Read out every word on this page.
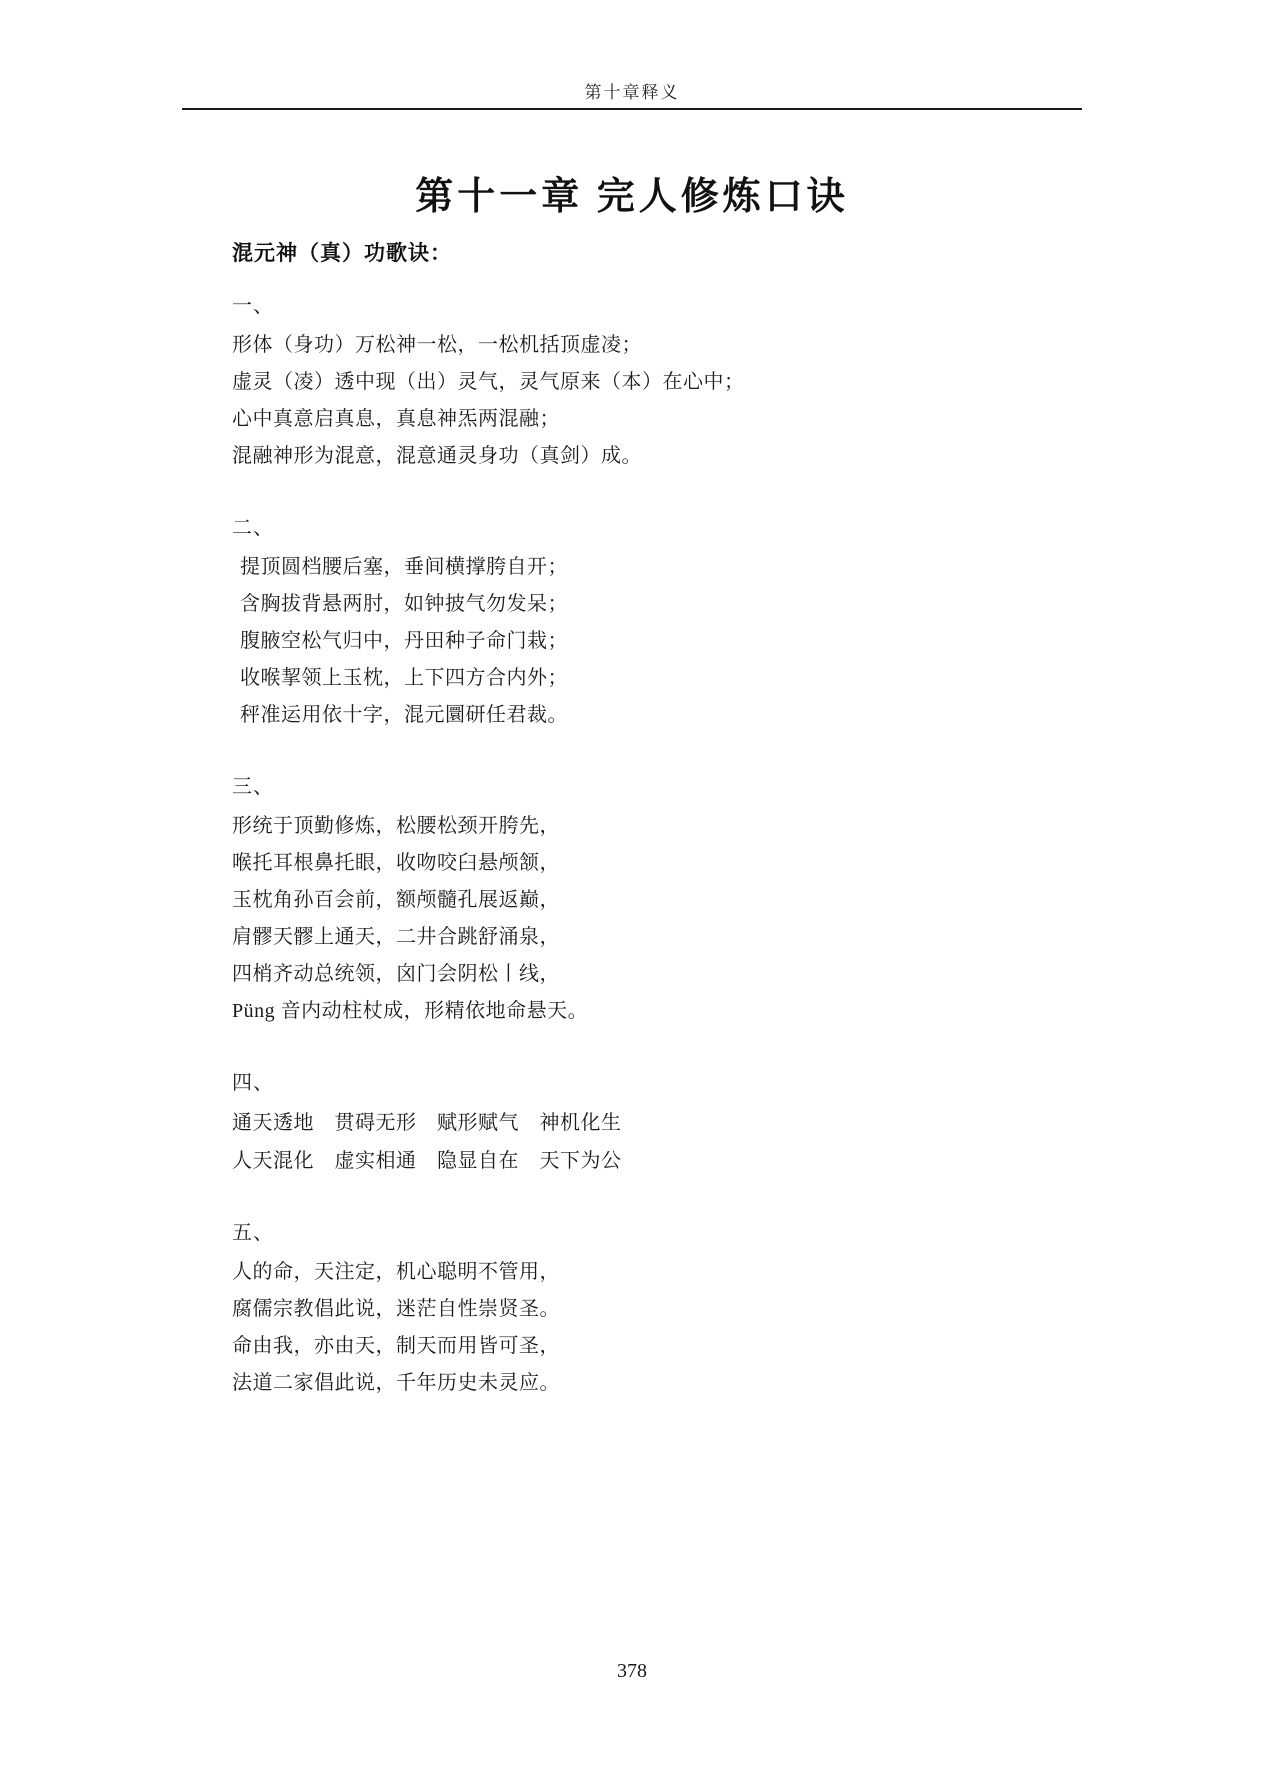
第十章释义
第十一章 完人修炼口诀
混元神（真）功歌诀：
一、
形体（身功）万松神一松，一松机括顶虚凌；
虚灵（凌）透中现（出）灵气，灵气原来（本）在心中；
心中真意启真息，真息神炁两混融；
混融神形为混意，混意通灵身功（真剑）成。
二、
提顶圆档腰后塞，垂间横撑胯自开；
含胸拔背悬两肘，如钟披气勿发呆；
腹腋空松气归中，丹田种子命门栽；
收喉挈领上玉枕，上下四方合内外；
秤准运用依十字，混元圜研任君裁。
三、
形统于顶勤修炼，松腰松颈开胯先，
喉托耳根鼻托眼，收吻咬臼悬颅颔，
玉枕角孙百会前，额颅髓孔展返巅，
肩髎天髎上通天，二井合跳舒涌泉，
四梢齐动总统领，囟门会阴松丨线，
Püng 音内动柱杖成，形精依地命悬天。
四、
通天透地　贯碍无形　赋形赋气　神机化生
人天混化　虚实相通　隐显自在　天下为公
五、
人的命，天注定，机心聪明不管用，
腐儒宗教倡此说，迷茫自性崇贤圣。
命由我，亦由天，制天而用皆可圣，
法道二家倡此说，千年历史未灵应。
378
